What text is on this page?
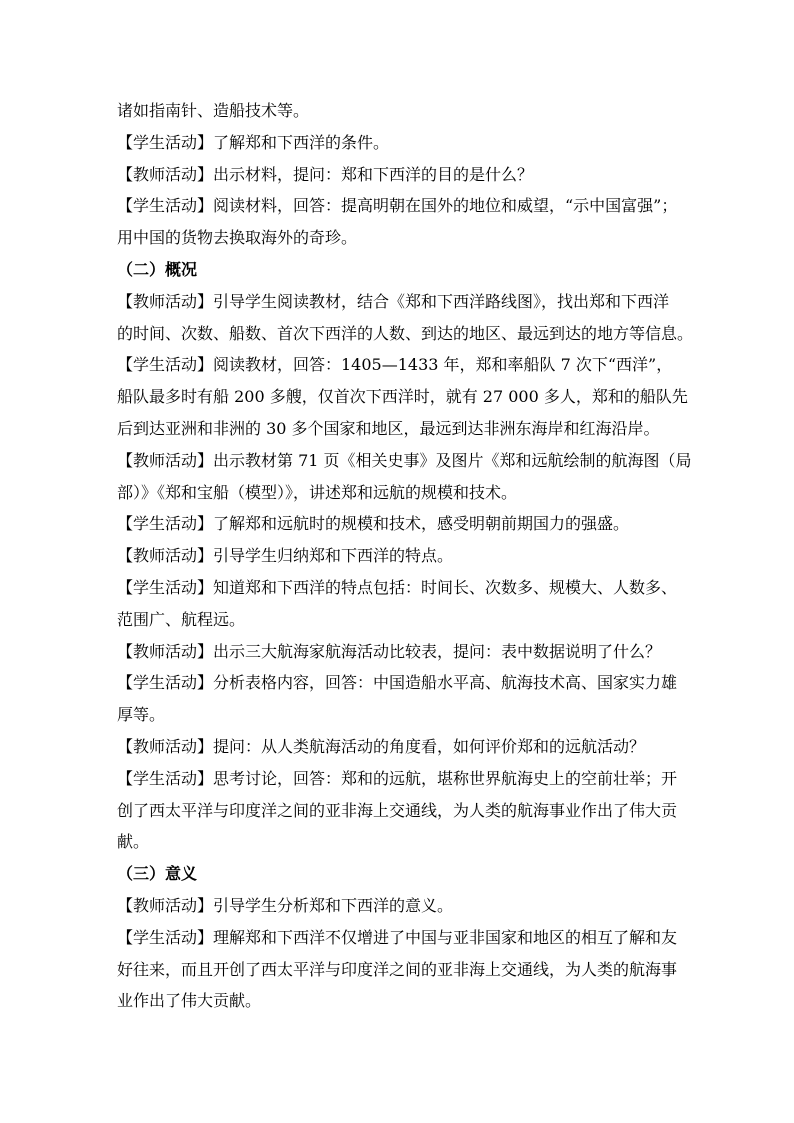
诸如指南针、造船技术等。
【学生活动】了解郑和下西洋的条件。
【教师活动】出示材料，提问：郑和下西洋的目的是什么？
【学生活动】阅读材料，回答：提高明朝在国外的地位和威望，“示中国富强”；
用中国的货物去换取海外的奇珍。
（二）概况
【教师活动】引导学生阅读教材，结合《郑和下西洋路线图》，找出郑和下西洋
的时间、次数、船数、首次下西洋的人数、到达的地区、最远到达的地方等信息。
【学生活动】阅读教材，回答：1405—1433 年，郑和率船队 7 次下“西洋”，
船队最多时有船 200 多艘，仅首次下西洋时，就有 27 000 多人，郑和的船队先
后到达亚洲和非洲的 30 多个国家和地区，最远到达非洲东海岸和红海沿岸。
【教师活动】出示教材第 71 页《相关史事》及图片《郑和远航绘制的航海图（局
部）》《郑和宝船（模型）》，讲述郑和远航的规模和技术。
【学生活动】了解郑和远航时的规模和技术，感受明朝前期国力的强盛。
【教师活动】引导学生归纳郑和下西洋的特点。
【学生活动】知道郑和下西洋的特点包括：时间长、次数多、规模大、人数多、
范围广、航程远。
【教师活动】出示三大航海家航海活动比较表，提问：表中数据说明了什么？
【学生活动】分析表格内容，回答：中国造船水平高、航海技术高、国家实力雄
厚等。
【教师活动】提问：从人类航海活动的角度看，如何评价郑和的远航活动？
【学生活动】思考讨论，回答：郑和的远航，堪称世界航海史上的空前壮举；开
创了西太平洋与印度洋之间的亚非海上交通线，为人类的航海事业作出了伟大贡
献。
（三）意义
【教师活动】引导学生分析郑和下西洋的意义。
【学生活动】理解郑和下西洋不仅增进了中国与亚非国家和地区的相互了解和友
好往来，而且开创了西太平洋与印度洋之间的亚非海上交通线，为人类的航海事
业作出了伟大贡献。
